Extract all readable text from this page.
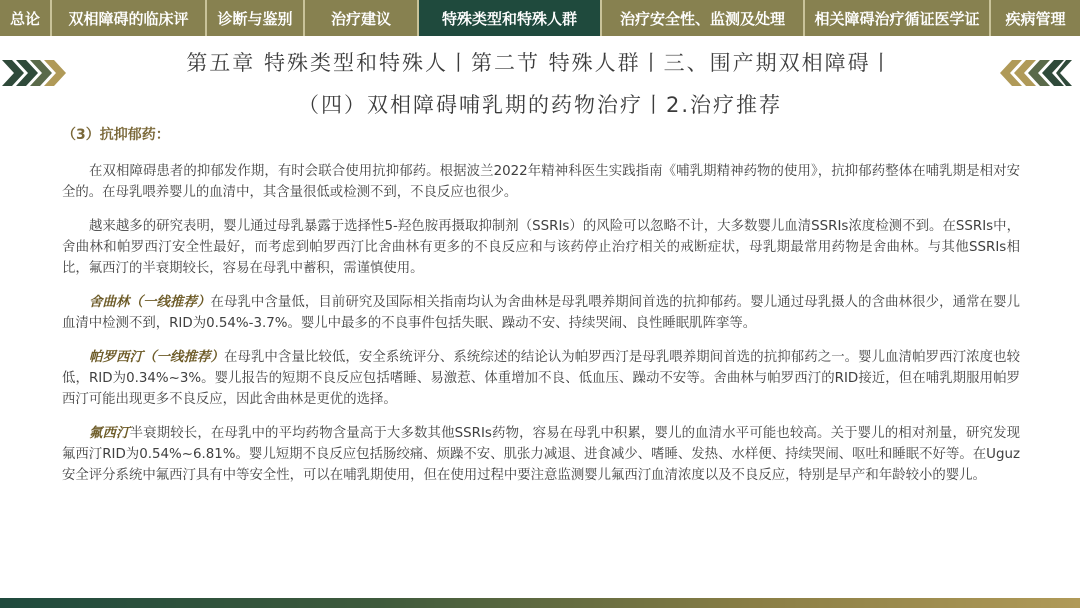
总论	双相障碍的临床评	诊断与鉴别	治疗建议	特殊类型和特殊人群	治疗安全性、监测及处理	相关障碍治疗循证医学证	疾病管理
第五章 特殊类型和特殊人丨第二节 特殊人群丨三、围产期双相障碍丨
（四）双相障碍哺乳期的药物治疗丨2.治疗推荐
（3）抗抑郁药：

在双相障碍患者的抑郁发作期，有时会联合使用抗抑郁药。根据波兰2022年精神科医生实践指南《哺乳期精神药物的使用》，抗抑郁药整体在哺乳期是相对安全的。在母乳喂养婴儿的血清中，其含量很低或检测不到，不良反应也很少。

越来越多的研究表明，婴儿通过母乳暴露于选择性5-羟色胺再摄取抑制剂（SSRIs）的风险可以忽略不计，大多数婴儿血清SSRIs浓度检测不到。在SSRIs中，舍曲林和帕罗西汀安全性最好，而考虑到帕罗西汀比舍曲林有更多的不良反应和与该药停止治疗相关的戒断症状，母乳期最常用药物是舍曲林。与其他SSRIs相比，氟西汀的半衰期较长，容易在母乳中蓄积，需谨慎使用。

舍曲林（一线推荐）在母乳中含量低，目前研究及国际相关指南均认为舍曲林是母乳喂养期间首选的抗抑郁药。婴儿通过母乳摄人的含曲林很少，通常在婴儿血清中检测不到，RID为0.54%-3.7%。婴儿中最多的不良事件包括失眠、躁动不安、持续哭闹、良性睡眠肌阵挛等。

帕罗西汀（一线推荐）在母乳中含量比较低，安全系统评分、系统综述的结论认为帕罗西汀是母乳喂养期间首选的抗抑郁药之一。婴儿血清帕罗西汀浓度也较低，RID为0.34%~3%。婴儿报告的短期不良反应包括嗜睡、易激惹、体重增加不良、低血压、躁动不安等。舍曲林与帕罗西汀的RID接近，但在哺乳期服用帕罗西汀可能出现更多不良反应，因此舍曲林是更优的选择。

氟西汀半衰期较长，在母乳中的平均药物含量高于大多数其他SSRIs药物，容易在母乳中积累，婴儿的血清水平可能也较高。关于婴儿的相对剂量，研究发现氟西汀RID为0.54%~6.81%。婴儿短期不良反应包括肠绞痛、烦躁不安、肌张力减退、进食减少、嗜睡、发热、水样便、持续哭闹、呕吐和睡眠不好等。在Uguz安全评分系统中氟西汀具有中等安全性，可以在哺乳期使用，但在使用过程中要注意监测婴儿氟西汀血清浓度以及不良反应，特别是早产和年龄较小的婴儿。
